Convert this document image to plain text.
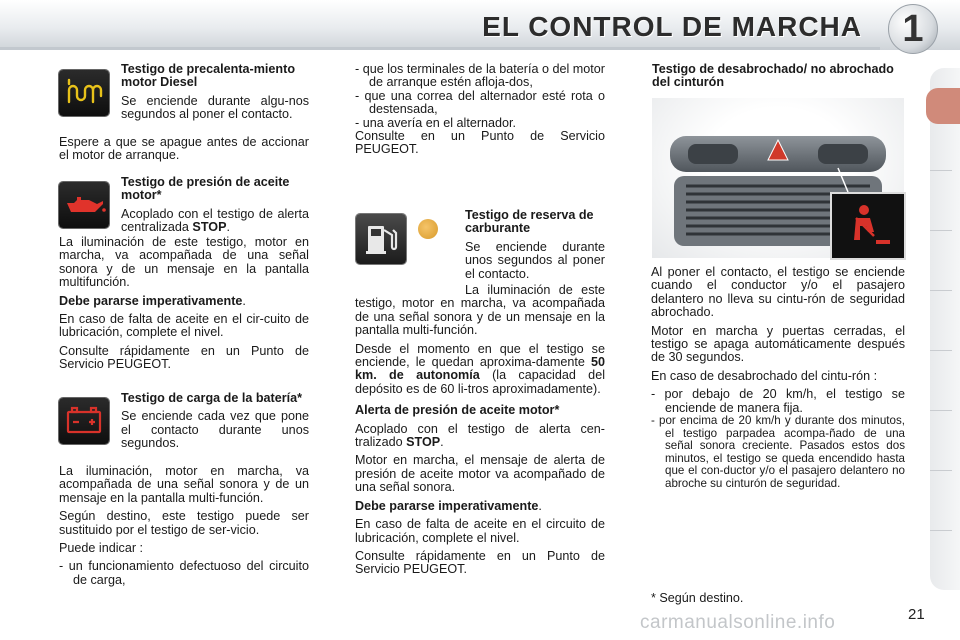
EL CONTROL DE MARCHA	1

Testigo de precalenta-miento motor Diesel

Se enciende durante algu-nos segundos al poner el contacto.

Espere a que se apague antes de accionar el motor de arranque.

Testigo de presión de aceite motor*

Acoplado con el testigo de alerta centralizada STOP.

La iluminación de este testigo, motor en marcha, va acompañada de una señal sonora y de un mensaje en la pantalla multifunción.

Debe pararse imperativamente.

En caso de falta de aceite en el cir-cuito de lubricación, complete el nivel.

Consulte rápidamente en un Punto de Servicio PEUGEOT.

Testigo de carga de la batería*

Se enciende cada vez que pone el contacto durante unos segundos.

La iluminación, motor en marcha, va acompañada de una señal sonora y de un mensaje en la pantalla multi-función.

Según destino, este testigo puede ser sustituido por el testigo de ser-vicio.

Puede indicar :

- un funcionamiento defectuoso del circuito de carga,

- que los terminales de la batería o del motor de arranque estén afloja-dos,

- que una correa del alternador esté rota o destensada,

- una avería en el alternador.

Consulte en un Punto de Servicio PEUGEOT.

Testigo de reserva de carburante

Se enciende durante unos segundos al poner el contacto.

La iluminación de este testigo, motor en marcha, va acompañada de una señal sonora y de un mensaje en la pantalla multi-función.

Desde el momento en que el testigo se enciende, le quedan aproxima-damente 50 km. de autonomía (la capacidad del depósito es de 60 li-tros aproximadamente).

Alerta de presión de aceite motor*

Acoplado con el testigo de alerta cen-tralizado STOP.

Motor en marcha, el mensaje de alerta de presión de aceite motor va acompañado de una señal sonora.

Debe pararse imperativamente.

En caso de falta de aceite en el circuito de lubricación, complete el nivel.

Consulte rápidamente en un Punto de Servicio PEUGEOT.

Testigo de desabrochado/ no abrochado del cinturón

Al poner el contacto, el testigo se enciende cuando el conductor y/o el pasajero delantero no lleva su cintu-rón de seguridad abrochado.

Motor en marcha y puertas cerradas, el testigo se apaga automáticamente después de 30 segundos.

En caso de desabrochado del cintu-rón :

- por debajo de 20 km/h, el testigo se enciende de manera fija.

- por encima de 20 km/h y durante dos minutos, el testigo parpadea acompa-ñado de una señal sonora creciente. Pasados estos dos minutos, el testigo se queda encendido hasta que el con-ductor y/o el pasajero delantero no abroche su cinturón de seguridad.

* Según destino.

21
carmanualsonline.info
